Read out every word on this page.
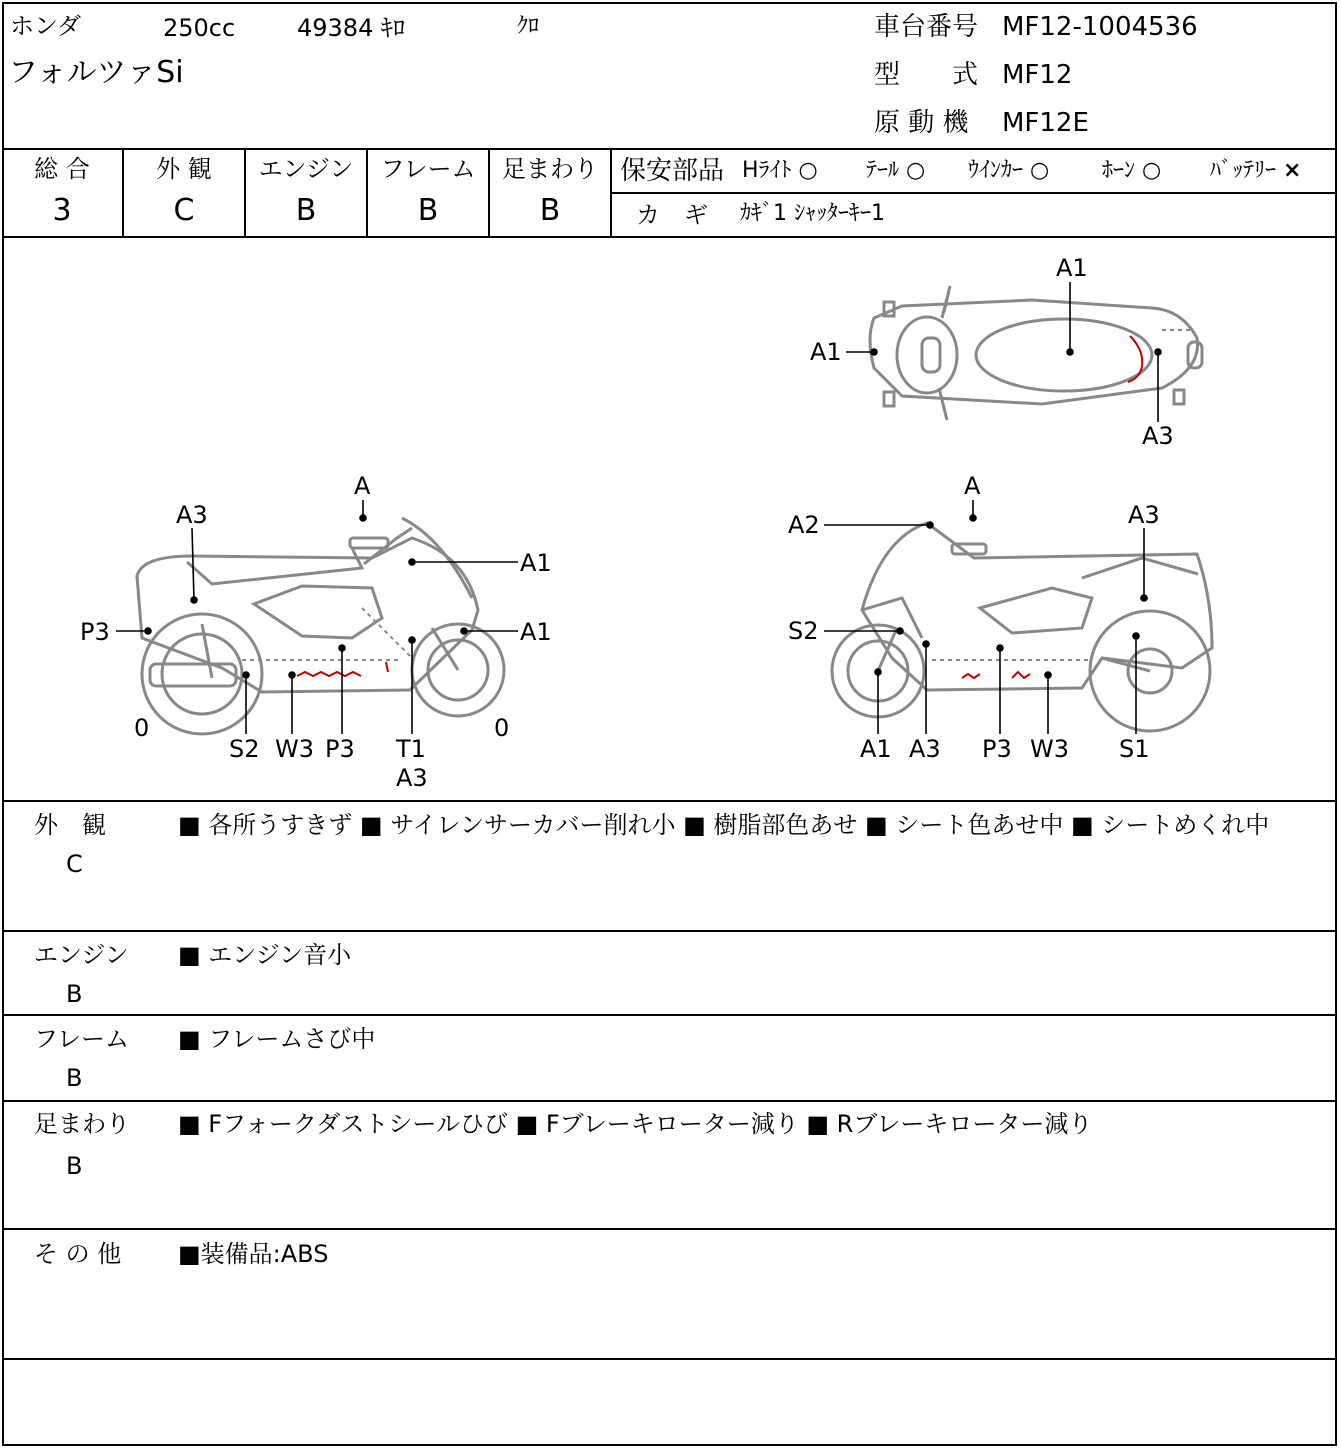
ホンダ	250cc	49384 ｷﾛ	ｸﾛ
フォルツァSi
車台番号 MF12-1004536
型　　式 MF12
原 動 機 MF12E
総 合	外 観	エンジン	フレーム	足まわり
3	C	B	B	B
保安部品 Hﾗｲﾄ ○ ﾃｰﾙ ○ ｳｲﾝｶｰ ○ ﾎｰﾝ ○ ﾊﾞｯﾃﾘｰ ×
カ　ギ ｶｷﾞ1 ｼｬｯﾀｰｷｰ1
A1
A1
A3
A
A3
A1
A1
P3
0	0
S2 W3 P3 T1
A3
A
A2	A3
S2
A1 A3 P3 W3 S1
外　観
C
■ 各所うすきず ■ サイレンサーカバー削れ小 ■ 樹脂部色あせ ■ シート色あせ中 ■ シートめくれ中
エンジン
B
■ エンジン音小
フレーム
B
■ フレームさび中
足まわり
B
■ Fフォークダストシールひび ■ Fブレーキローター減り ■ Rブレーキローター減り
そ の 他 ■装備品:ABS
